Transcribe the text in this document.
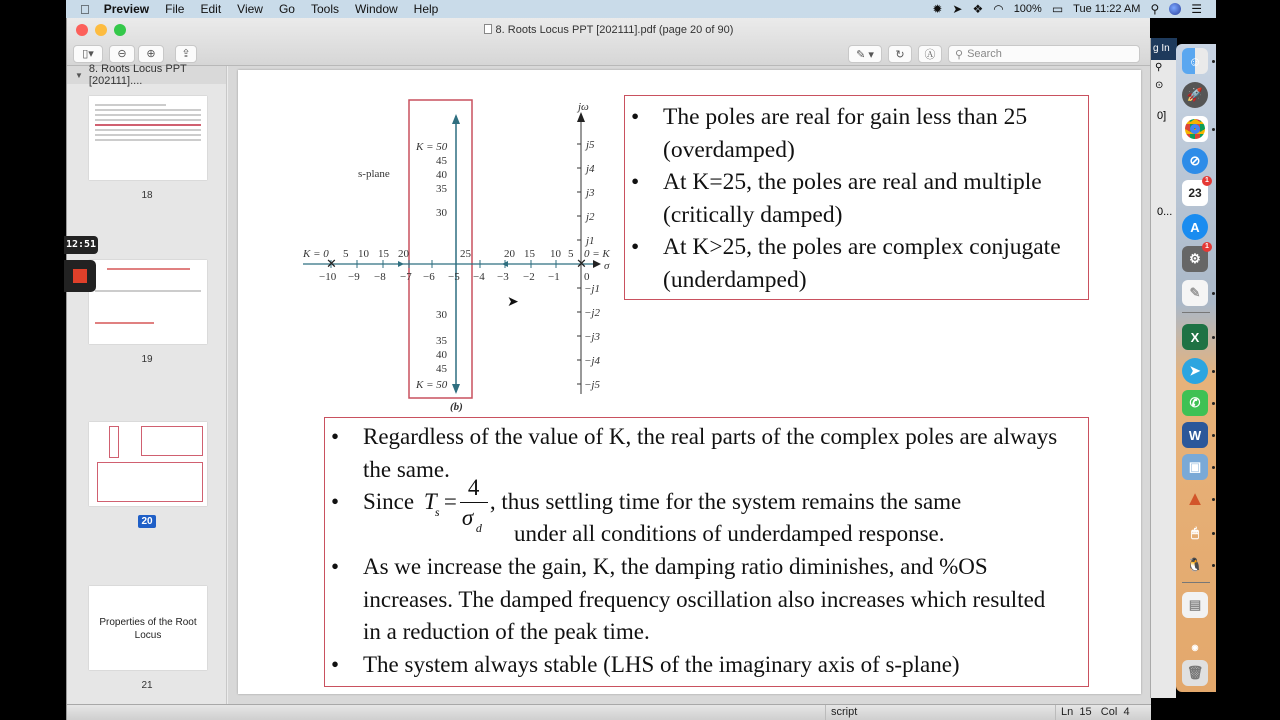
Preview File Edit View Go Tools Window Help	✹ ➤ ❖ ◠ 100% ▭ Tue 11:22 AM ⚲	☰
8. Roots Locus PPT [202111].pdf (page 20 of 90)
▯▾	⊖	⊕	⇪	✎ ▾	↻	Ⓐ	⚲ Search
▼ 8. Roots Locus PPT [202111]....
18
19
20
Properties of the Root Locus
21
✕	✕
−10 −9 −8 −7 −6 −5 −4 −3 −2 −1 0
K = 0 5 10 15 20	25	20 15 10 5 0 = K
K = 50
45
40
35
30
30
35
40
45
K = 50
jω
σ
j5
j4
j3
j2
j1
−j1
−j2
−j3
−j4
−j5
s-plane
(b)
• The poles are real for gain less than 25 (overdamped)
• At K=25, the poles are real and multiple (critically damped)
• At K>25, the poles are complex conjugate (underdamped)
• Regardless of the value of K, the real parts of the complex poles are always the same.
• Since T
s =
4
σ d
, thus settling time for the system remains the same
under all conditions of underdamped response.
• As we increase the gain, K, the damping ratio diminishes, and %OS increases. The damped frequency oscillation also increases which resulted in a reduction of the peak time.
• The system always stable (LHS of the imaginary axis of s-plane)
➤
script	Ln 15 Col 4
g In
⚲
⊙
0]
0...
☺
🚀
⊘
23
1
A
⚙
1
✎
X
➤
✆
W
▣
▲
🖱
🐧
▤
◉
🗑
12:51
